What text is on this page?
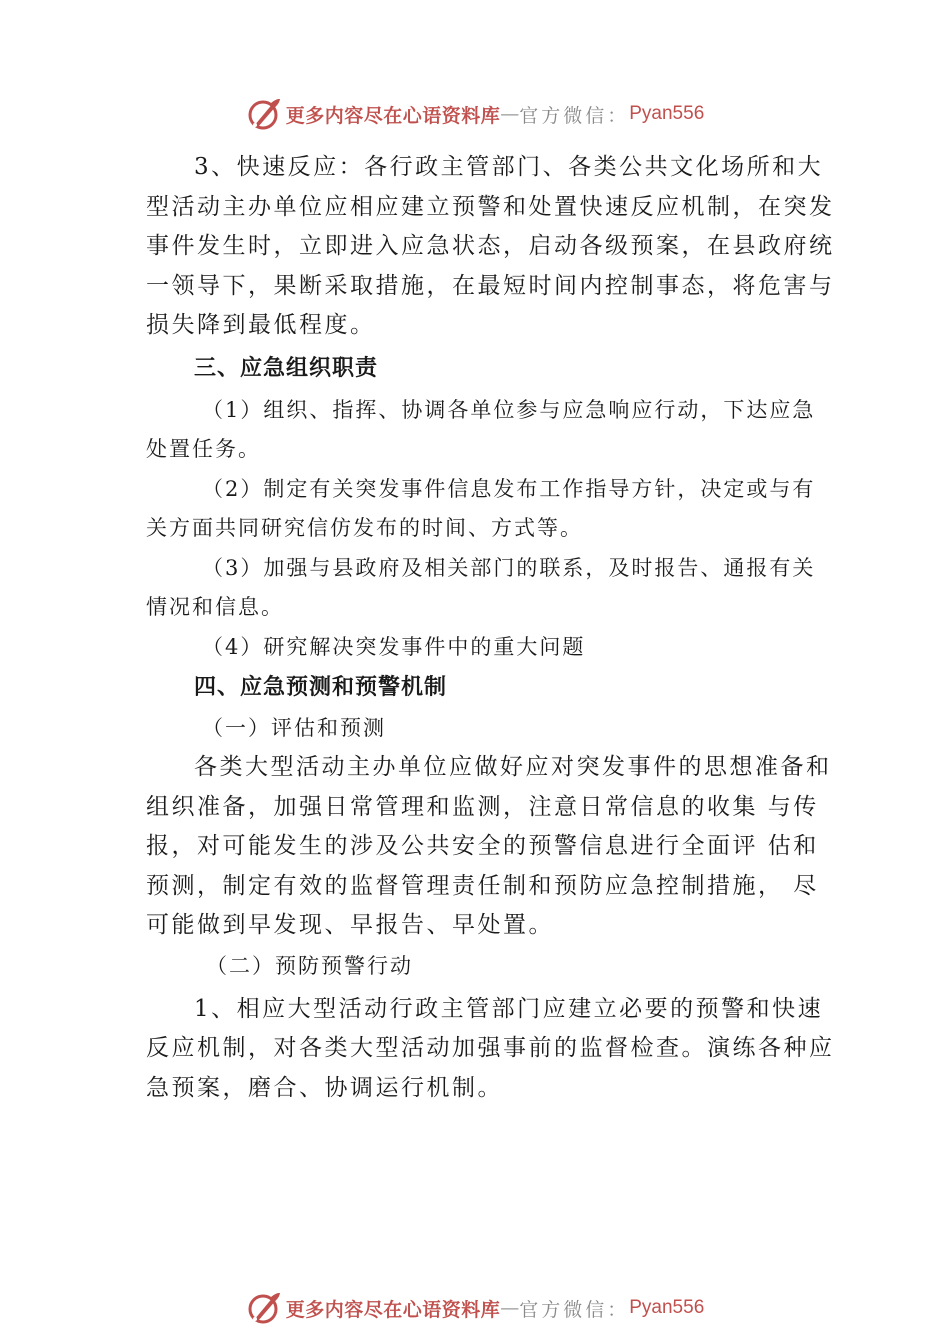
更多内容尽在心语资料库 — 官方微信： Pyan556

3、快速反应：各行政主管部门、各类公共文化场所和大型活动主办单位应相应建立预警和处置快速反应机制，在突发事件发生时，立即进入应急状态，启动各级预案，在县政府统一领导下，果断采取措施，在最短时间内控制事态，将危害与损失降到最低程度。

三、应急组织职责

（1）组织、指挥、协调各单位参与应急响应行动，下达应急处置任务。

（2）制定有关突发事件信息发布工作指导方针，决定或与有关方面共同研究信仿发布的时间、方式等。

（3）加强与县政府及相关部门的联系，及时报告、通报有关情况和信息。

（4）研究解决突发事件中的重大问题

四、应急预测和预警机制

（一）评估和预测

各类大型活动主办单位应做好应对突发事件的思想准备和组织准备，加强日常管理和监测，注意日常信息的收集 与传报，对可能发生的涉及公共安全的预警信息进行全面评 估和预测，制定有效的监督管理责任制和预防应急控制措施， 尽可能做到早发现、早报告、早处置。

（二）预防预警行动

1、相应大型活动行政主管部门应建立必要的预警和快速反应机制，对各类大型活动加强事前的监督检查。演练各种应急预案，磨合、协调运行机制。

更多内容尽在心语资料库 — 官方微信： Pyan556
